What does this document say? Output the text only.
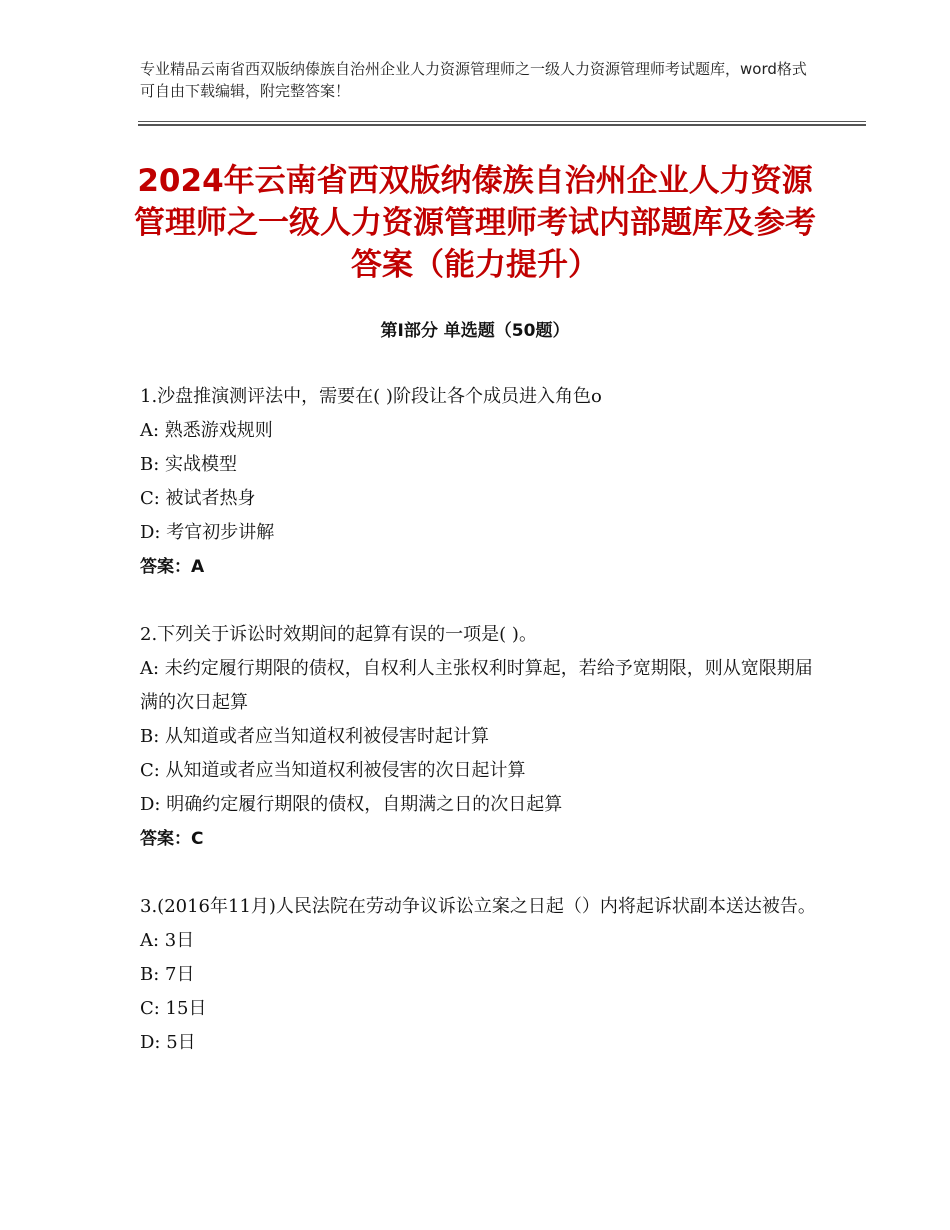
专业精品云南省西双版纳傣族自治州企业人力资源管理师之一级人力资源管理师考试题库，word格式可自由下载编辑，附完整答案！
2024年云南省西双版纳傣族自治州企业人力资源管理师之一级人力资源管理师考试内部题库及参考答案（能力提升）
第Ⅰ部分 单选题（50题）

1.沙盘推演测评法中，需要在( )阶段让各个成员进入角色o

A: 熟悉游戏规则

B: 实战模型

C: 被试者热身

D: 考官初步讲解

答案：A

2.下列关于诉讼时效期间的起算有误的一项是( )。

A: 未约定履行期限的债权，自权利人主张权利时算起，若给予宽期限，则从宽限期届满的次日起算

B: 从知道或者应当知道权利被侵害时起计算

C: 从知道或者应当知道权利被侵害的次日起计算

D: 明确约定履行期限的债权，自期满之日的次日起算

答案：C

3.(2016年11月)人民法院在劳动争议诉讼立案之日起（）内将起诉状副本送达被告。

A: 3日

B: 7日

C: 15日

D: 5日
